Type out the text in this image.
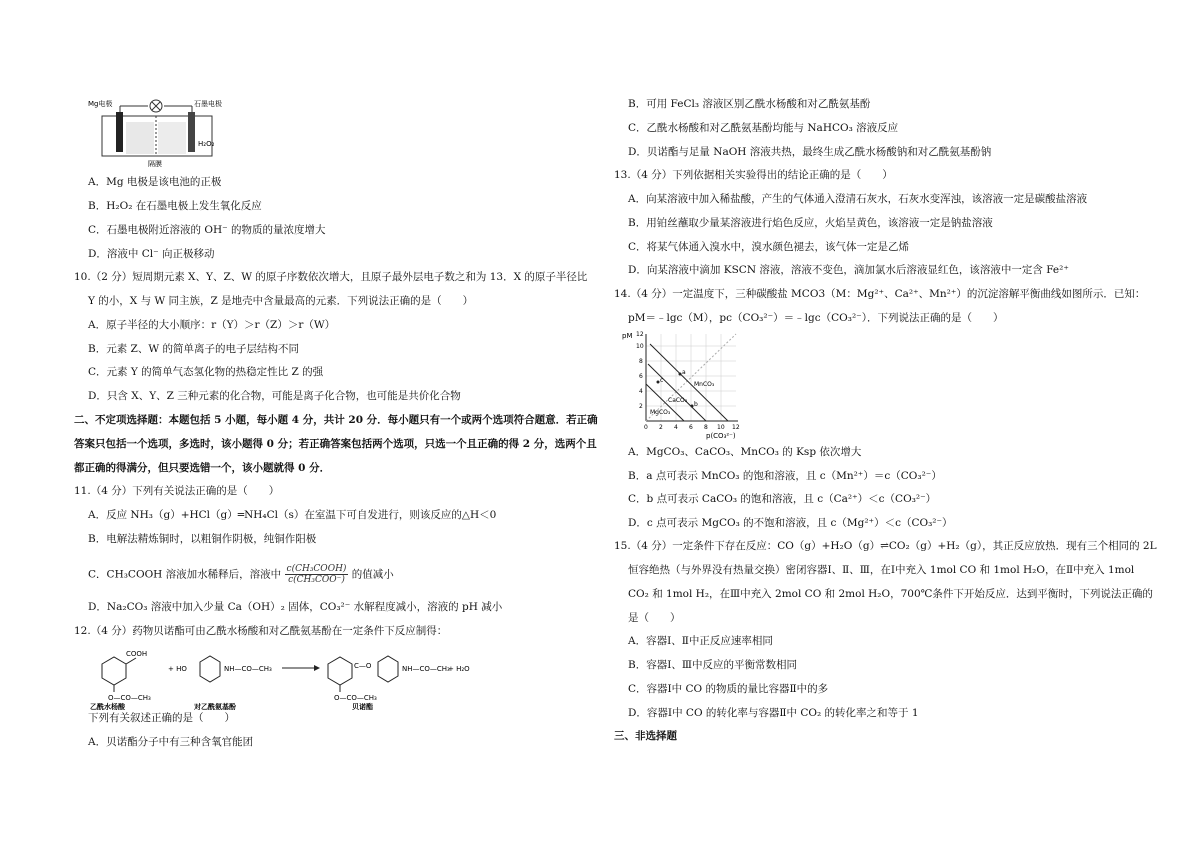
Mg电极	石墨电极
H₂O₂
隔膜
A．Mg 电极是该电池的正极
B．H₂O₂ 在石墨电极上发生氧化反应
C．石墨电极附近溶液的 OH⁻ 的物质的量浓度增大
D．溶液中 Cl⁻ 向正极移动
10.（2 分）短周期元素 X、Y、Z、W 的原子序数依次增大，且原子最外层电子数之和为 13．X 的原子半径比
Y 的小，X 与 W 同主族，Z 是地壳中含量最高的元素．下列说法正确的是（　　）
A．原子半径的大小顺序：r（Y）＞r（Z）＞r（W）
B．元素 Z、W 的简单离子的电子层结构不同
C．元素 Y 的简单气态氢化物的热稳定性比 Z 的强
D．只含 X、Y、Z 三种元素的化合物，可能是离子化合物，也可能是共价化合物
二、不定项选择题：本题包括 5 小题，每小题 4 分，共计 20 分．每小题只有一个或两个选项符合题意．若正确
答案只包括一个选项，多选时，该小题得 0 分；若正确答案包括两个选项，只选一个且正确的得 2 分，选两个且
都正确的得满分，但只要选错一个，该小题就得 0 分．
11.（4 分）下列有关说法正确的是（　　）
A．反应 NH₃（g）+HCl（g）═NH₄Cl（s）在室温下可自发进行，则该反应的△H＜0
B．电解法精炼铜时，以粗铜作阴极，纯铜作阳极
C．CH₃COOH 溶液加水稀释后，溶液中 $\frac{\text{c(CH₃COOH)}}{\text{c(CH₃COO⁻)}}$ 的值减小
D．Na₂CO₃ 溶液中加入少量 Ca（OH）₂ 固体，CO₃²⁻ 水解程度减小，溶液的 pH 减小
12.（4 分）药物贝诺酯可由乙酰水杨酸和对乙酰氨基酚在一定条件下反应制得：
COOH
O—CO—CH₃
乙酰水杨酸
+ HO	NH—CO—CH₃
对乙酰氨基酚
C—O	NH—CO—CH₃
O—CO—CH₃
贝诺酯
+ H₂O
下列有关叙述正确的是（　　）
A．贝诺酯分子中有三种含氧官能团
B．可用 FeCl₃ 溶液区别乙酰水杨酸和对乙酰氨基酚
C．乙酰水杨酸和对乙酰氨基酚均能与 NaHCO₃ 溶液反应
D．贝诺酯与足量 NaOH 溶液共热，最终生成乙酰水杨酸钠和对乙酰氨基酚钠
13.（4 分）下列依据相关实验得出的结论正确的是（　　）
A．向某溶液中加入稀盐酸，产生的气体通入澄清石灰水，石灰水变浑浊，该溶液一定是碳酸盐溶液
B．用铂丝蘸取少量某溶液进行焰色反应，火焰呈黄色，该溶液一定是钠盐溶液
C．将某气体通入溴水中，溴水颜色褪去，该气体一定是乙烯
D．向某溶液中滴加 KSCN 溶液，溶液不变色，滴加氯水后溶液显红色，该溶液中一定含 Fe²⁺
14.（4 分）一定温度下，三种碳酸盐 MCO3（M：Mg²⁺、Ca²⁺、Mn²⁺）的沉淀溶解平衡曲线如图所示．已知：
pM＝﹣lgc（M），pc（CO₃²⁻）＝﹣lgc（CO₃²⁻）．下列说法正确的是（　　）
pM
p(CO₃²⁻)
0 2 4 6 8 10 12
12
10
8
6
4
2
MnCO₃
CaCO₃
MgCO₃
a
b
c
A．MgCO₃、CaCO₃、MnCO₃ 的 Ksp 依次增大
B．a 点可表示 MnCO₃ 的饱和溶液，且 c（Mn²⁺）＝c（CO₃²⁻）
C．b 点可表示 CaCO₃ 的饱和溶液，且 c（Ca²⁺）＜c（CO₃²⁻）
D．c 点可表示 MgCO₃ 的不饱和溶液，且 c（Mg²⁺）＜c（CO₃²⁻）
15.（4 分）一定条件下存在反应：CO（g）+H₂O（g）⇌CO₂（g）+H₂（g），其正反应放热．现有三个相同的 2L
恒容绝热（与外界没有热量交换）密闭容器Ⅰ、Ⅱ、Ⅲ，在Ⅰ中充入 1mol CO 和 1mol H₂O，在Ⅱ中充入 1mol
CO₂ 和 1mol H₂，在Ⅲ中充入 2mol CO 和 2mol H₂O，700℃条件下开始反应．达到平衡时，下列说法正确的
是（　　）
A．容器Ⅰ、Ⅱ中正反应速率相同
B．容器Ⅰ、Ⅲ中反应的平衡常数相同
C．容器Ⅰ中 CO 的物质的量比容器Ⅱ中的多
D．容器Ⅰ中 CO 的转化率与容器Ⅱ中 CO₂ 的转化率之和等于 1
三、非选择题
